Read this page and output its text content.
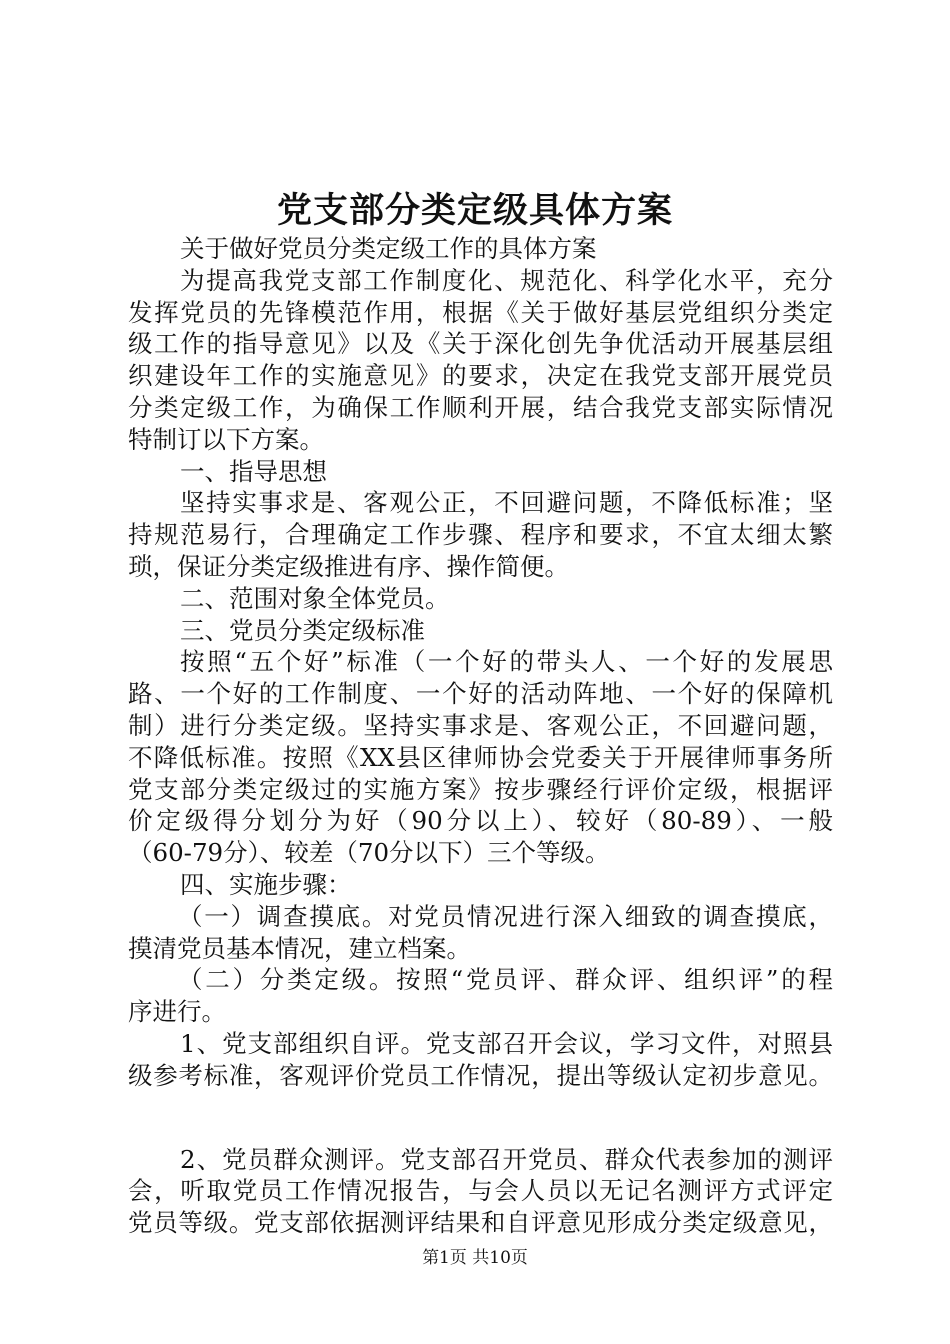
党支部分类定级具体方案

关于做好党员分类定级工作的具体方案

为提高我党支部工作制度化、规范化、科学化水平，充分

发挥党员的先锋模范作用，根据《关于做好基层党组织分类定

级工作的指导意见》以及《关于深化创先争优活动开展基层组

织建设年工作的实施意见》的要求，决定在我党支部开展党员

分类定级工作，为确保工作顺利开展，结合我党支部实际情况

特制订以下方案。

一、指导思想

坚持实事求是、客观公正，不回避问题，不降低标准；坚

持规范易行，合理确定工作步骤、程序和要求，不宜太细太繁

琐，保证分类定级推进有序、操作简便。

二、范围对象全体党员。

三、党员分类定级标准

按照“五个好”标准（一个好的带头人、一个好的发展思

路、一个好的工作制度、一个好的活动阵地、一个好的保障机

制）进行分类定级。坚持实事求是、客观公正，不回避问题，

不降低标准。按照《XX县区律师协会党委关于开展律师事务所

党支部分类定级过的实施方案》按步骤经行评价定级，根据评

价定级得分划分为好（90分以上）、较好（80-89）、一般

（60-79分）、较差（70分以下）三个等级。

四、实施步骤：

（一）调查摸底。对党员情况进行深入细致的调查摸底，

摸清党员基本情况，建立档案。

（二）分类定级。按照“党员评、群众评、组织评”的程

序进行。

1、党支部组织自评。党支部召开会议，学习文件，对照县

级参考标准，客观评价党员工作情况，提出等级认定初步意见。

2、党员群众测评。党支部召开党员、群众代表参加的测评

会，听取党员工作情况报告，与会人员以无记名测评方式评定

党员等级。党支部依据测评结果和自评意见形成分类定级意见，

第1页 共10页
